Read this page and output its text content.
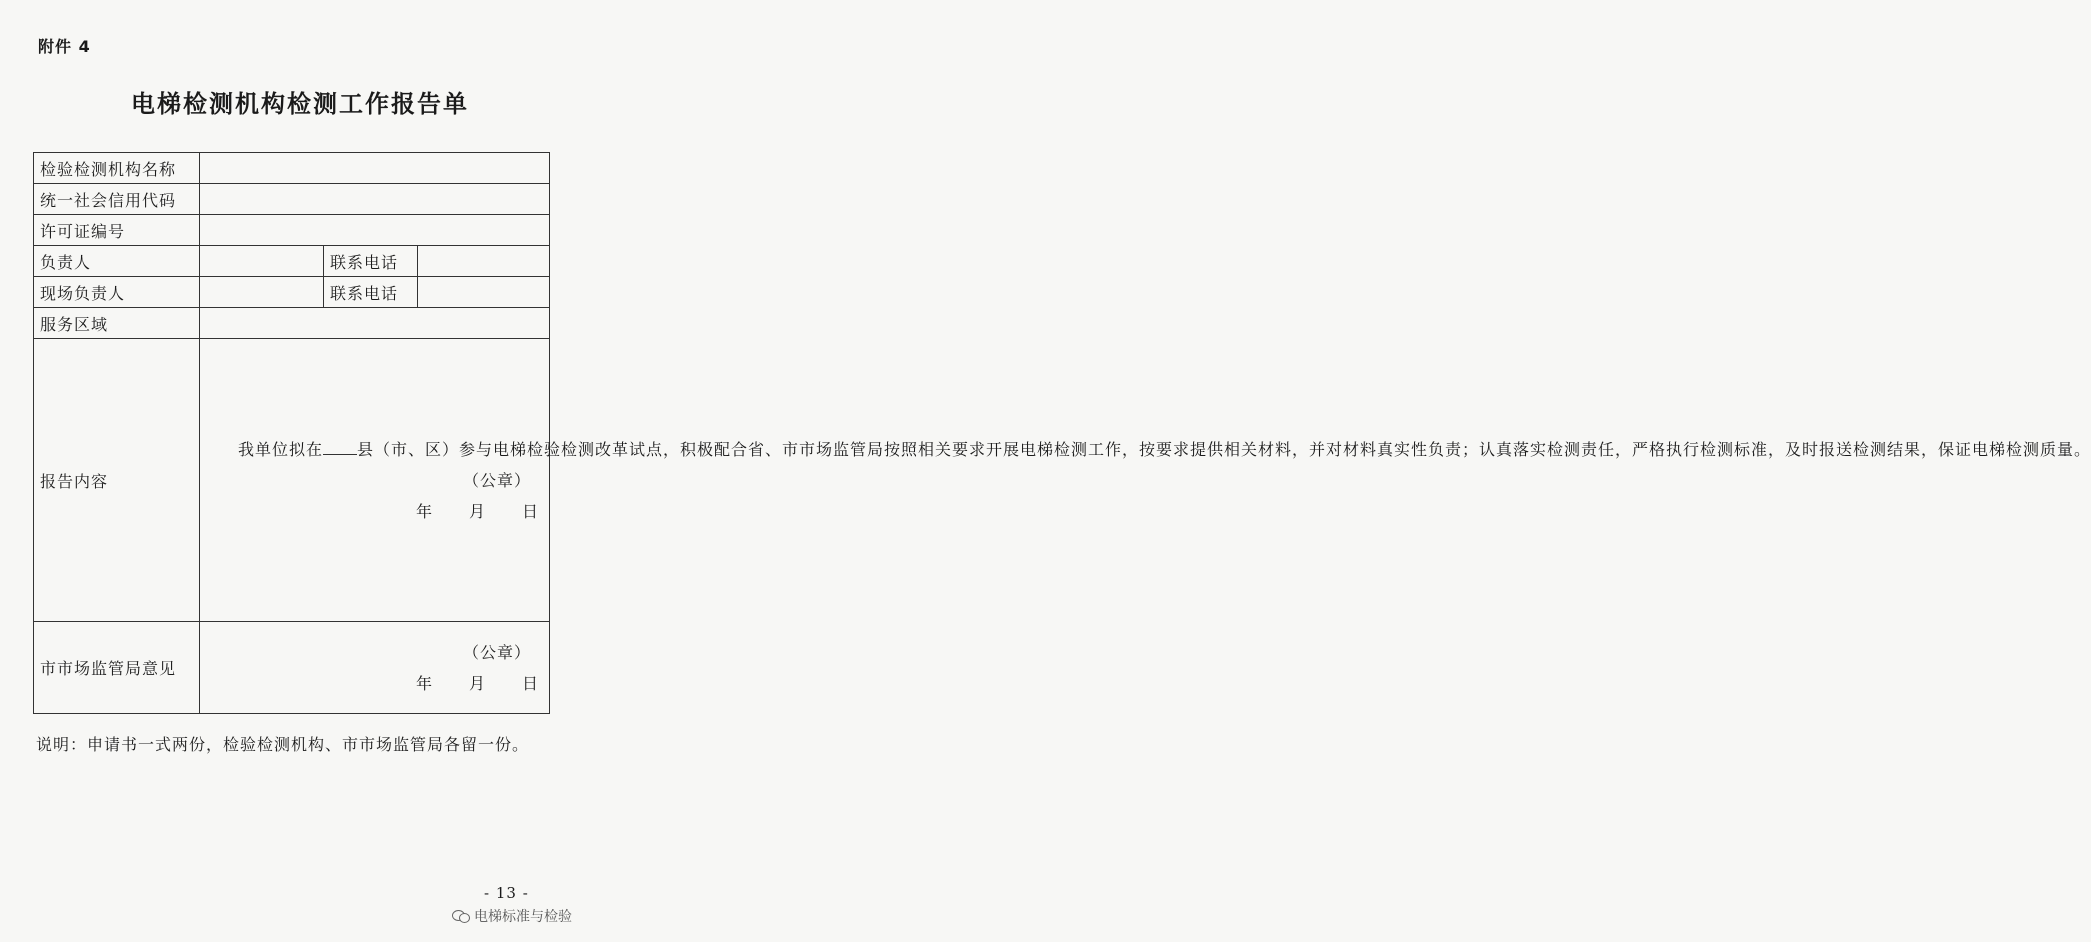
附件 4
电梯检测机构检测工作报告单
检验检测机构名称			
统一社会信用代码			
许可证编号			
负责人		联系电话	
现场负责人		联系电话	
服务区域			
报告内容	我单位拟在 县（市、区）参与电梯检验检测改革试点，积极配合省、市市场监管局按照相关要求开展电梯检测工作，按要求提供相关材料，并对材料真实性负责；认真落实检测责任，严格执行检测标准，及时报送检测结果，保证电梯检测质量。
（公章）
年 月 日		

市市场监管局意见	（公章）
年 月 日		
说明：申请书一式两份，检验检测机构、市市场监管局各留一份。
- 13 -
电梯标准与检验
